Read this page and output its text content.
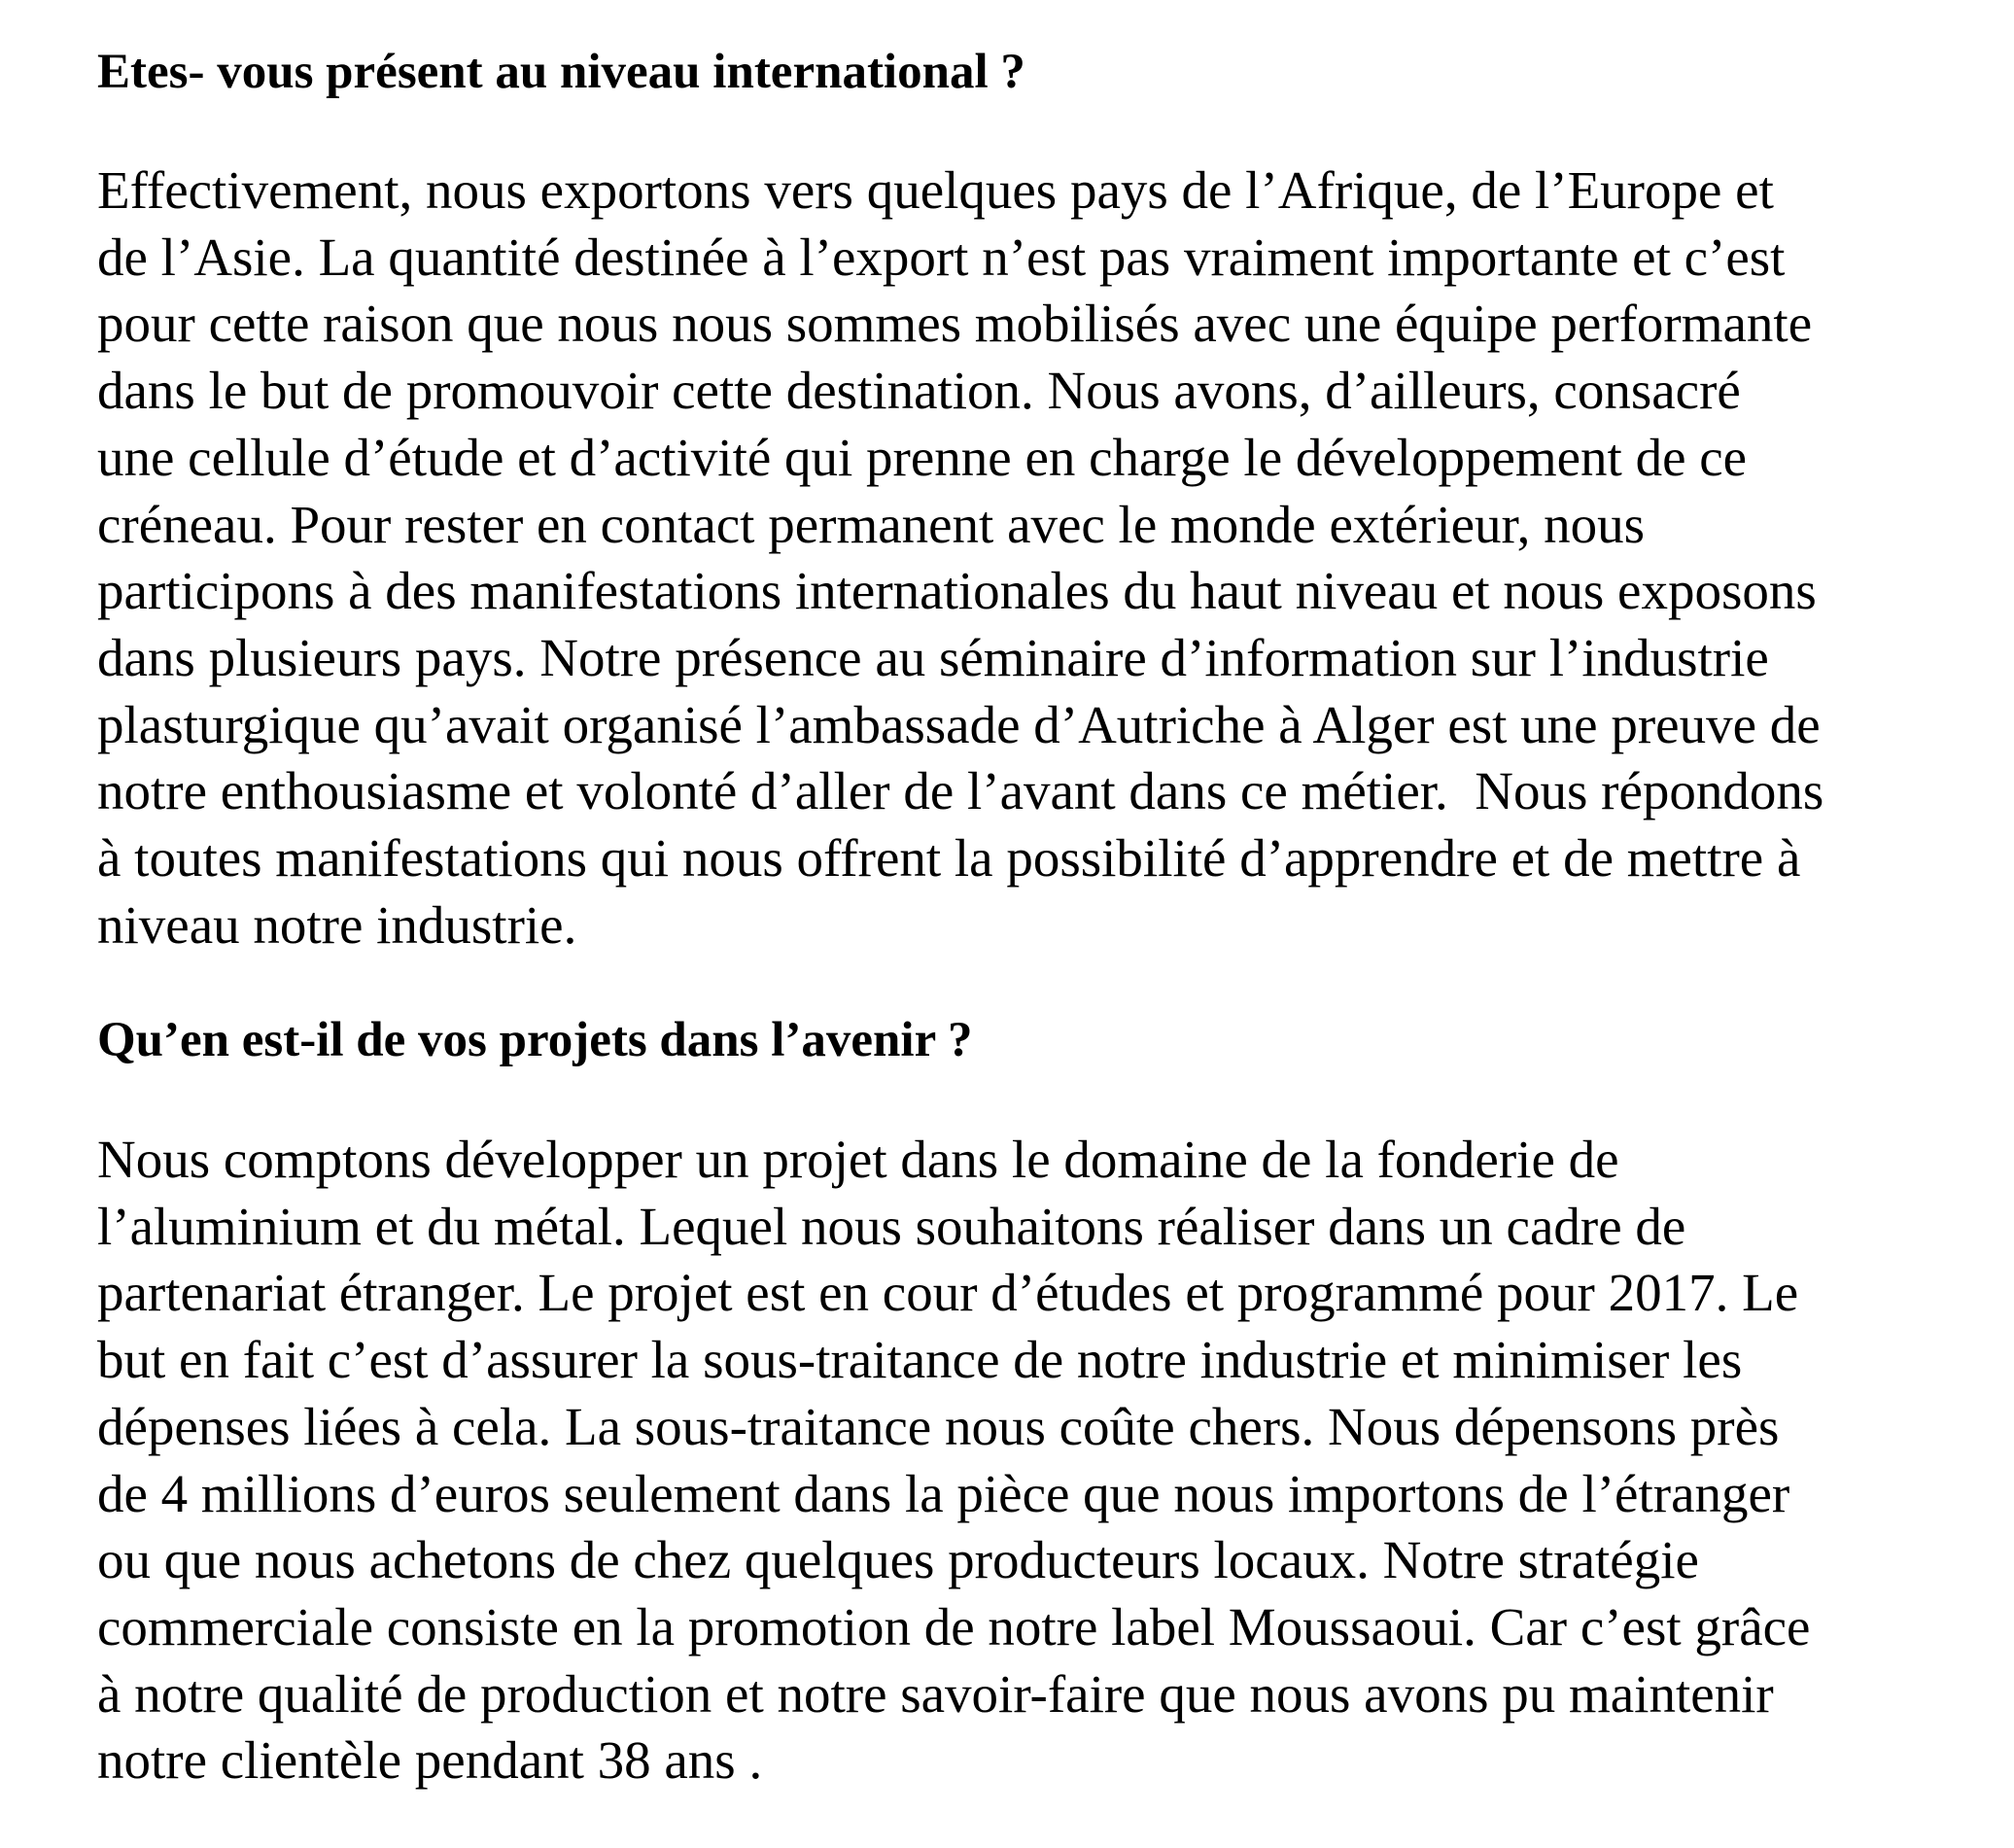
Etes- vous présent au niveau international ?

Effectivement, nous exportons vers quelques pays de l’Afrique, de l’Europe et
de l’Asie. La quantité destinée à l’export n’est pas vraiment importante et c’est
pour cette raison que nous nous sommes mobilisés avec une équipe performante
dans le but de promouvoir cette destination. Nous avons, d’ailleurs, consacré
une cellule d’étude et d’activité qui prenne en charge le développement de ce
créneau. Pour rester en contact permanent avec le monde extérieur, nous
participons à des manifestations internationales du haut niveau et nous exposons
dans plusieurs pays. Notre présence au séminaire d’information sur l’industrie
plasturgique qu’avait organisé l’ambassade d’Autriche à Alger est une preuve de
notre enthousiasme et volonté d’aller de l’avant dans ce métier.  Nous répondons
à toutes manifestations qui nous offrent la possibilité d’apprendre et de mettre à
niveau notre industrie.

Qu’en est-il de vos projets dans l’avenir ?

Nous comptons développer un projet dans le domaine de la fonderie de
l’aluminium et du métal. Lequel nous souhaitons réaliser dans un cadre de
partenariat étranger. Le projet est en cour d’études et programmé pour 2017. Le
but en fait c’est d’assurer la sous-traitance de notre industrie et minimiser les
dépenses liées à cela. La sous-traitance nous coûte chers. Nous dépensons près
de 4 millions d’euros seulement dans la pièce que nous importons de l’étranger
ou que nous achetons de chez quelques producteurs locaux. Notre stratégie
commerciale consiste en la promotion de notre label Moussaoui. Car c’est grâce
à notre qualité de production et notre savoir-faire que nous avons pu maintenir
notre clientèle pendant 38 ans .
